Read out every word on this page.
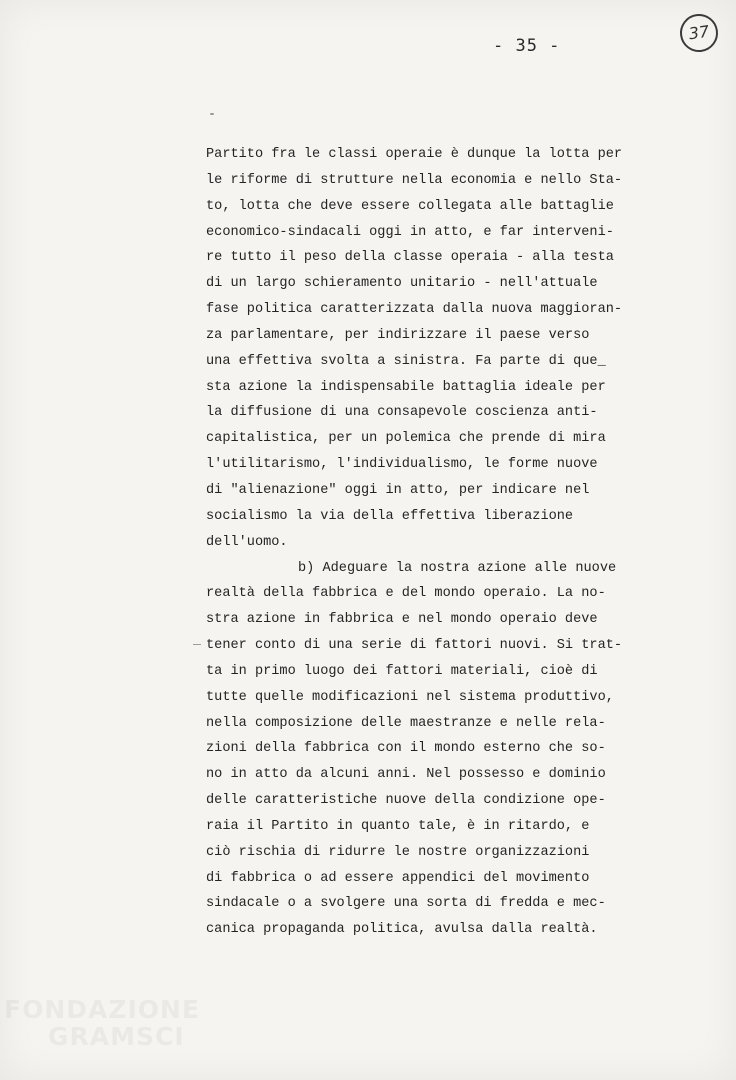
- 35 -
37
Partito fra le classi operaie è dunque la lotta per
le riforme di strutture nella economia e nello Sta-
to, lotta che deve essere collegata alle battaglie
economico-sindacali oggi in atto, e far interveni-
re tutto il peso della classe operaia - alla testa
di un largo schieramento unitario - nell'attuale
fase politica caratterizzata dalla nuova maggioran-
za parlamentare, per indirizzare il paese verso
una effettiva svolta a sinistra. Fa parte di que_
sta azione la indispensabile battaglia ideale per
la diffusione di una consapevole coscienza anti-
capitalistica, per un polemica che prende di mira
l'utilitarismo, l'individualismo, le forme nuove
di "alienazione" oggi in atto, per indicare nel
socialismo la via della effettiva liberazione
dell'uomo.
b) Adeguare la nostra azione alle nuove
realtà della fabbrica e del mondo operaio. La no-
stra azione in fabbrica e nel mondo operaio deve
tener conto di una serie di fattori nuovi. Si trat-
ta in primo luogo dei fattori materiali, cioè di
tutte quelle modificazioni nel sistema produttivo,
nella composizione delle maestranze e nelle rela-
zioni della fabbrica con il mondo esterno che so-
no in atto da alcuni anni. Nel possesso e dominio
delle caratteristiche nuove della condizione ope-
raia il Partito in quanto tale, è in ritardo, e
ciò rischia di ridurre le nostre organizzazioni
di fabbrica o ad essere appendici del movimento
sindacale o a svolgere una sorta di fredda e mec-
canica propaganda politica, avulsa dalla realtà.
